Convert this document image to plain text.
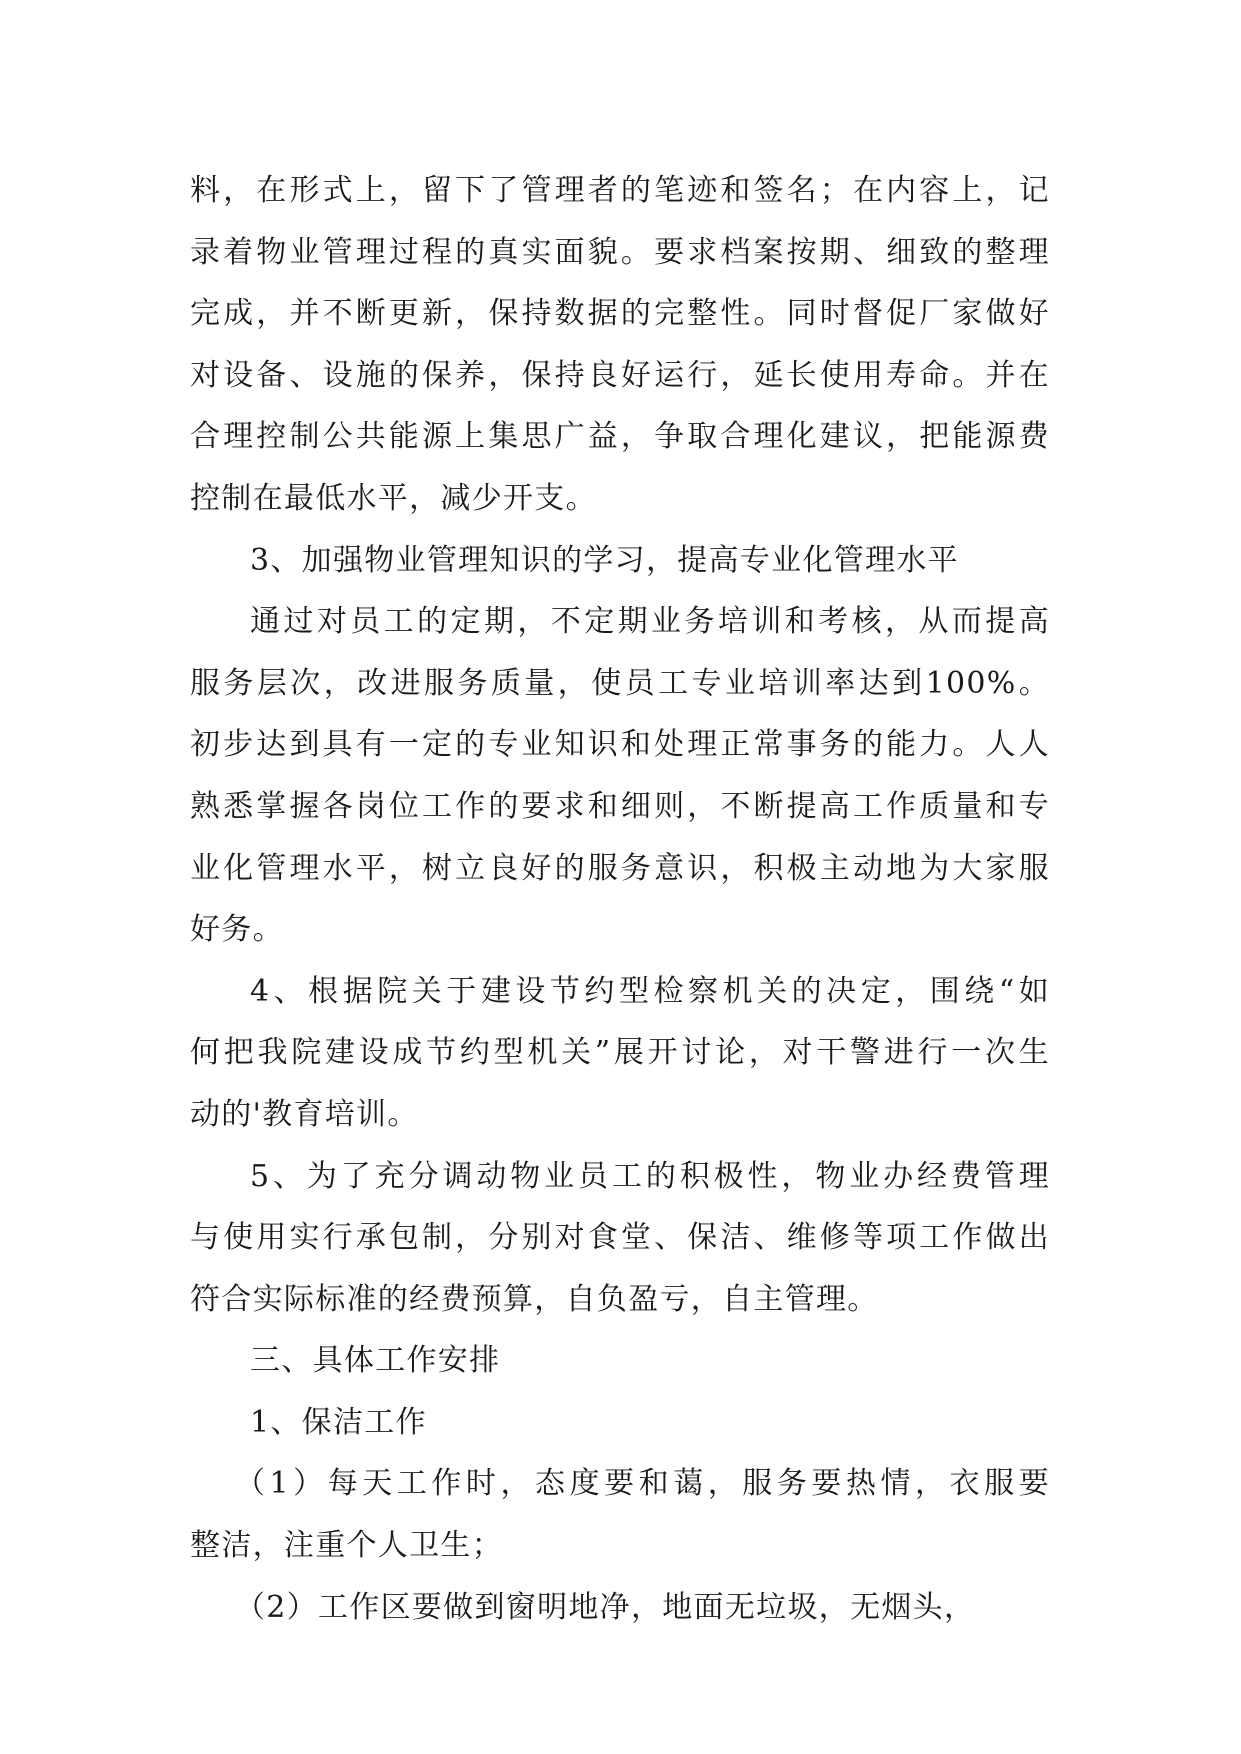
料，在形式上，留下了管理者的笔迹和签名；在内容上，记
录着物业管理过程的真实面貌。要求档案按期、细致的整理
完成，并不断更新，保持数据的完整性。同时督促厂家做好
对设备、设施的保养，保持良好运行，延长使用寿命。并在
合理控制公共能源上集思广益，争取合理化建议，把能源费
控制在最低水平，减少开支。
3、加强物业管理知识的学习，提高专业化管理水平
通过对员工的定期，不定期业务培训和考核，从而提高
服务层次，改进服务质量，使员工专业培训率达到100%。
初步达到具有一定的专业知识和处理正常事务的能力。人人
熟悉掌握各岗位工作的要求和细则，不断提高工作质量和专
业化管理水平，树立良好的服务意识，积极主动地为大家服
好务。
4、根据院关于建设节约型检察机关的决定，围绕“如
何把我院建设成节约型机关”展开讨论，对干警进行一次生
动的'教育培训。
5、为了充分调动物业员工的积极性，物业办经费管理
与使用实行承包制，分别对食堂、保洁、维修等项工作做出
符合实际标准的经费预算，自负盈亏，自主管理。
三、具体工作安排
1、保洁工作
（1）每天工作时，态度要和蔼，服务要热情，衣服要
整洁，注重个人卫生；
（2）工作区要做到窗明地净，地面无垃圾，无烟头，
